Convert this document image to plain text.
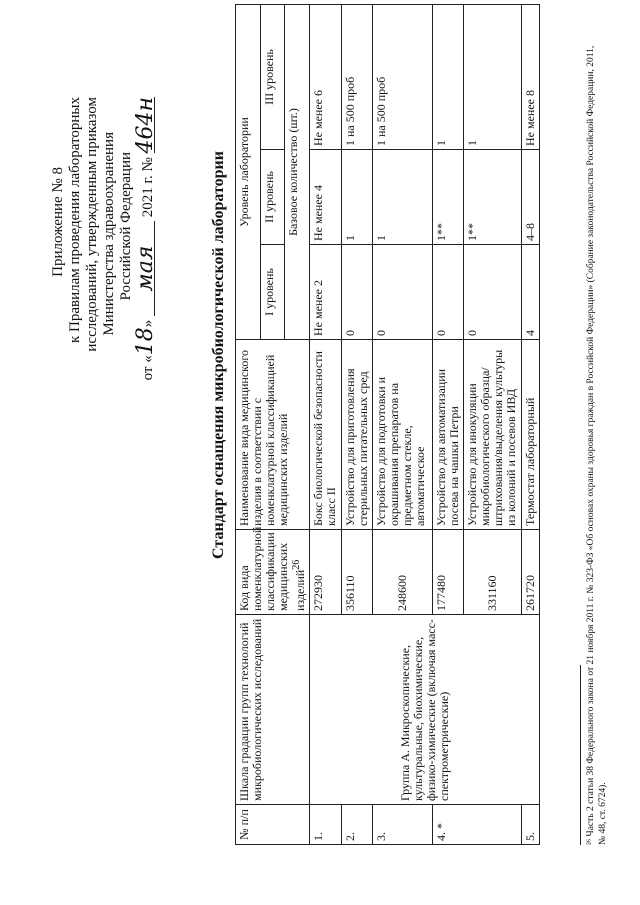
Приложение № 8 к Правилам проведения лабораторных исследований, утвержденным приказом Министерства здравоохранения Российской Федерации
от «18» мая 2021 г. № 464н
Стандарт оснащения микробиологической лаборатории
№ п/п	Шкала градации групп технологий микробиологических исследований	Код вида номенклатурной классификации медицинских изделий$^{26}$	Наименование вида медицинского изделия в соответствии с номенклатурной классификацией медицинских изделий	Уровень лаборатории		
				I уровень	II уровень	III уровень
				Базовое количество (шт.)		
1.	Группа А. Микроскопические, культуральные, биохимические, физико-химические (включая масс-спектрометрические)	272930	Бокс биологической безопасности класс II	Не менее 2	Не менее 4	Не менее 6
2.		356110	Устройство для приготовления стерильных питательных сред	0	1	1 на 500 проб
3.		248600	Устройство для подготовки и окрашивания препаратов на предметном стекле, автоматическое	0	1	1 на 500 проб
4. *		177480	Устройство для автоматизации посева на чашки Петри	0	1**	1
		331160	Устройство для инокуляции микробиологического образца/штрихования/выделения культуры из колоний и посевов ИВД	0	1**	1
5.		261720	Термостат лабораторный	4	4–8	Не менее 8	²⁶ Часть 2 статьи 38 Федерального закона от 21 ноября 2011 г. № 323-ФЗ «Об основах охраны здоровья граждан в Российской Федерации» (Собрание законодательства Российской Федерации, 2011, № 48, ст. 6724).
